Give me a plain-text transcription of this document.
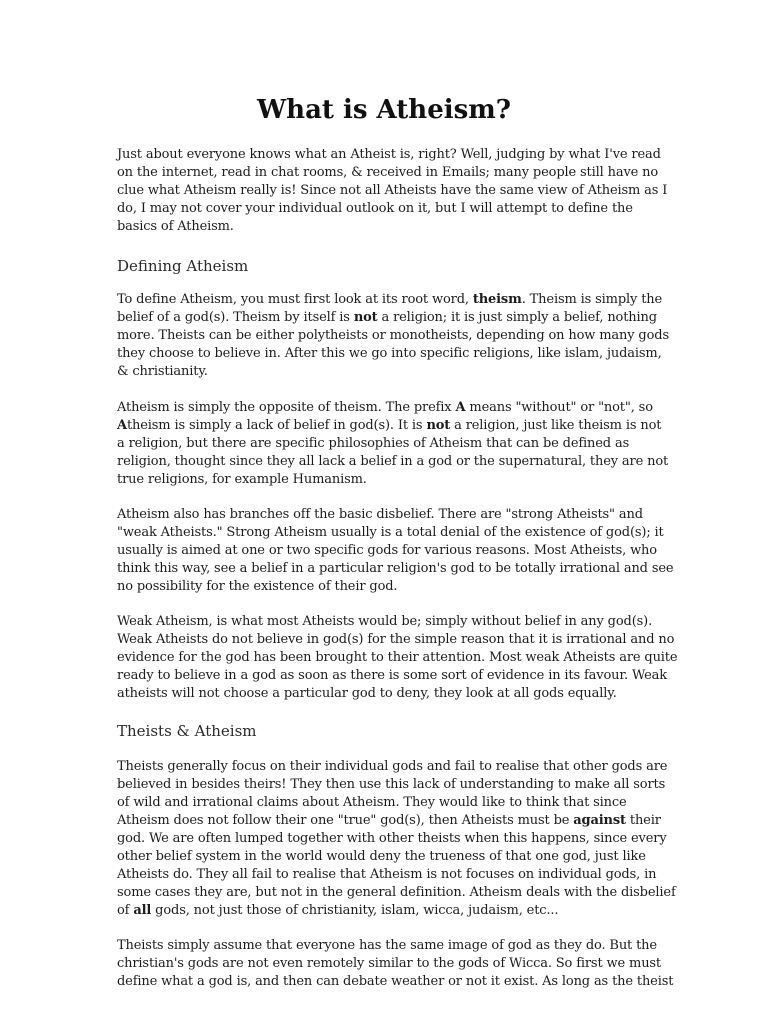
What is Atheism?

Just about everyone knows what an Atheist is, right? Well, judging by what I've read
on the internet, read in chat rooms, & received in Emails; many people still have no
clue what Atheism really is! Since not all Atheists have the same view of Atheism as I
do, I may not cover your individual outlook on it, but I will attempt to define the
basics of Atheism.

Defining Atheism

To define Atheism, you must first look at its root word, theism. Theism is simply the
belief of a god(s). Theism by itself is not a religion; it is just simply a belief, nothing
more. Theists can be either polytheists or monotheists, depending on how many gods
they choose to believe in. After this we go into specific religions, like islam, judaism,
& christianity.

Atheism is simply the opposite of theism. The prefix A means "without" or "not", so
Atheism is simply a lack of belief in god(s). It is not a religion, just like theism is not
a religion, but there are specific philosophies of Atheism that can be defined as
religion, thought since they all lack a belief in a god or the supernatural, they are not
true religions, for example Humanism.

Atheism also has branches off the basic disbelief. There are "strong Atheists" and
"weak Atheists." Strong Atheism usually is a total denial of the existence of god(s); it
usually is aimed at one or two specific gods for various reasons. Most Atheists, who
think this way, see a belief in a particular religion's god to be totally irrational and see
no possibility for the existence of their god.

Weak Atheism, is what most Atheists would be; simply without belief in any god(s).
Weak Atheists do not believe in god(s) for the simple reason that it is irrational and no
evidence for the god has been brought to their attention. Most weak Atheists are quite
ready to believe in a god as soon as there is some sort of evidence in its favour. Weak
atheists will not choose a particular god to deny, they look at all gods equally.

Theists & Atheism

Theists generally focus on their individual gods and fail to realise that other gods are
believed in besides theirs! They then use this lack of understanding to make all sorts
of wild and irrational claims about Atheism. They would like to think that since
Atheism does not follow their one "true" god(s), then Atheists must be against their
god. We are often lumped together with other theists when this happens, since every
other belief system in the world would deny the trueness of that one god, just like
Atheists do. They all fail to realise that Atheism is not focuses on individual gods, in
some cases they are, but not in the general definition. Atheism deals with the disbelief
of all gods, not just those of christianity, islam, wicca, judaism, etc...

Theists simply assume that everyone has the same image of god as they do. But the
christian's gods are not even remotely similar to the gods of Wicca. So first we must
define what a god is, and then can debate weather or not it exist. As long as the theist
